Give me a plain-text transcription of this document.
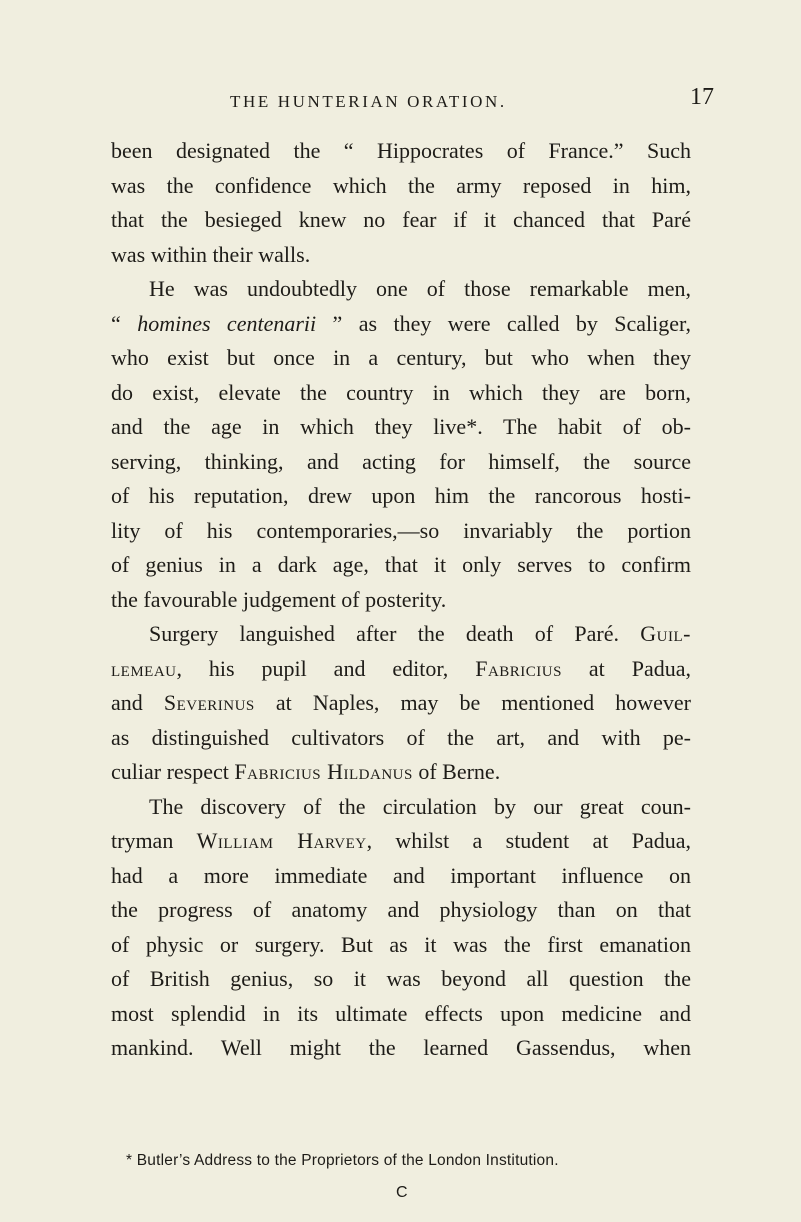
THE HUNTERIAN ORATION.	17
been designated the “ Hippocrates of France.” Such
was the confidence which the army reposed in him,
that the besieged knew no fear if it chanced that Paré
was within their walls.
He was undoubtedly one of those remarkable men,
“ homines centenarii ” as they were called by Scaliger,
who exist but once in a century, but who when they
do exist, elevate the country in which they are born,
and the age in which they live*. The habit of ob-
serving, thinking, and acting for himself, the source
of his reputation, drew upon him the rancorous hosti-
lity of his contemporaries,—so invariably the portion
of genius in a dark age, that it only serves to confirm
the favourable judgement of posterity.
Surgery languished after the death of Paré. Guil-
lemeau, his pupil and editor, Fabricius at Padua,
and Severinus at Naples, may be mentioned however
as distinguished cultivators of the art, and with pe-
culiar respect Fabricius Hildanus of Berne.
The discovery of the circulation by our great coun-
tryman William Harvey, whilst a student at Padua,
had a more immediate and important influence on
the progress of anatomy and physiology than on that
of physic or surgery. But as it was the first emanation
of British genius, so it was beyond all question the
most splendid in its ultimate effects upon medicine and
mankind. Well might the learned Gassendus, when
* Butler’s Address to the Proprietors of the London Institution.
C
